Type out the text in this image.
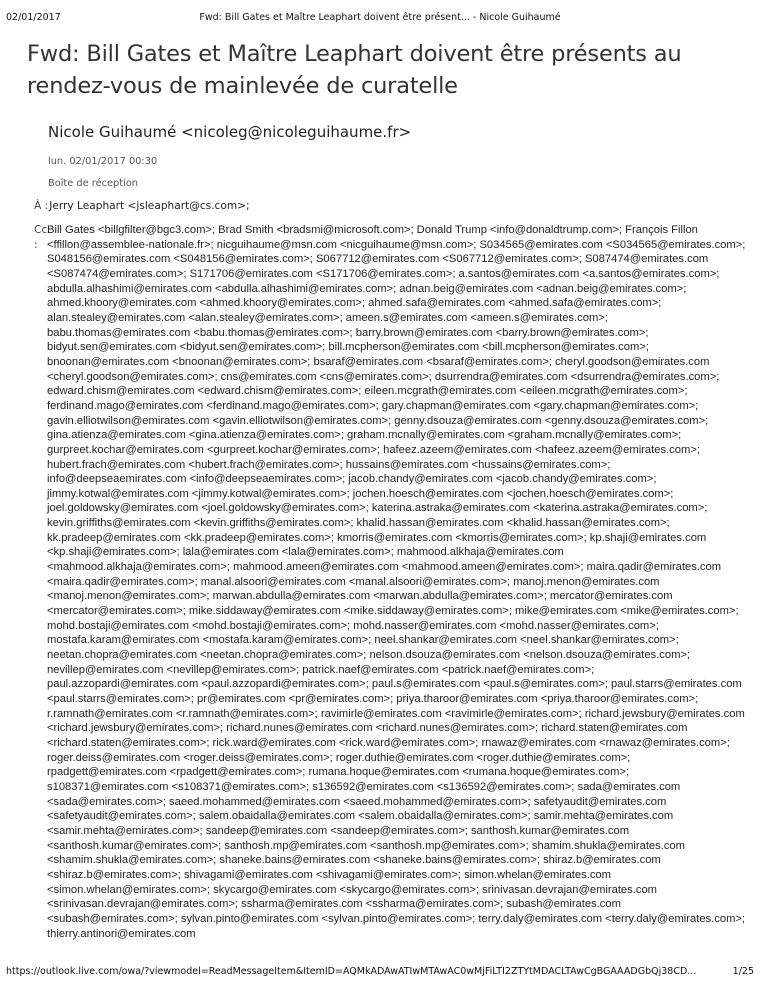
02/01/2017	Fwd: Bill Gates et Maître Leaphart doivent être présent... - Nicole Guihaumé
Fwd: Bill Gates et Maître Leaphart doivent être présents au rendez-vous de mainlevée de curatelle
Nicole Guihaumé <nicoleg@nicoleguihaume.fr>
lun. 02/01/2017 00:30
Boîte de réception
À :Jerry Leaphart <jsleaphart@cs.com>;
Cc :
Bill Gates <billgfilter@bgc3.com>; Brad Smith <bradsmi@microsoft.com>; Donald Trump <info@donaldtrump.com>; François Fillon <ffillon@assemblee-nationale.fr>; nicguihaume@msn.com <nicguihaume@msn.com>; S034565@emirates.com <S034565@emirates.com>; S048156@emirates.com <S048156@emirates.com>; S067712@emirates.com <S067712@emirates.com>; S087474@emirates.com <S087474@emirates.com>; S171706@emirates.com <S171706@emirates.com>; a.santos@emirates.com <a.santos@emirates.com>; abdulla.alhashimi@emirates.com <abdulla.alhashimi@emirates.com>; adnan.beig@emirates.com <adnan.beig@emirates.com>; ahmed.khoory@emirates.com <ahmed.khoory@emirates.com>; ahmed.safa@emirates.com <ahmed.safa@emirates.com>; alan.stealey@emirates.com <alan.stealey@emirates.com>; ameen.s@emirates.com <ameen.s@emirates.com>; babu.thomas@emirates.com <babu.thomas@emirates.com>; barry.brown@emirates.com <barry.brown@emirates.com>; bidyut.sen@emirates.com <bidyut.sen@emirates.com>; bill.mcpherson@emirates.com <bill.mcpherson@emirates.com>; bnoonan@emirates.com <bnoonan@emirates.com>; bsaraf@emirates.com <bsaraf@emirates.com>; cheryl.goodson@emirates.com <cheryl.goodson@emirates.com>; cns@emirates.com <cns@emirates.com>; dsurrendra@emirates.com <dsurrendra@emirates.com>; edward.chism@emirates.com <edward.chism@emirates.com>; eileen.mcgrath@emirates.com <eileen.mcgrath@emirates.com>; ferdinand.mago@emirates.com <ferdinand.mago@emirates.com>; gary.chapman@emirates.com <gary.chapman@emirates.com>; gavin.elliotwilson@emirates.com <gavin.elliotwilson@emirates.com>; genny.dsouza@emirates.com <genny.dsouza@emirates.com>; gina.atienza@emirates.com <gina.atienza@emirates.com>; graham.mcnally@emirates.com <graham.mcnally@emirates.com>; gurpreet.kochar@emirates.com <gurpreet.kochar@emirates.com>; hafeez.azeem@emirates.com <hafeez.azeem@emirates.com>; hubert.frach@emirates.com <hubert.frach@emirates.com>; hussains@emirates.com <hussains@emirates.com>; info@deepseaemirates.com <info@deepseaemirates.com>; jacob.chandy@emirates.com <jacob.chandy@emirates.com>; jimmy.kotwal@emirates.com <jimmy.kotwal@emirates.com>; jochen.hoesch@emirates.com <jochen.hoesch@emirates.com>; joel.goldowsky@emirates.com <joel.goldowsky@emirates.com>; katerina.astraka@emirates.com <katerina.astraka@emirates.com>; kevin.griffiths@emirates.com <kevin.griffiths@emirates.com>; khalid.hassan@emirates.com <khalid.hassan@emirates.com>; kk.pradeep@emirates.com <kk.pradeep@emirates.com>; kmorris@emirates.com <kmorris@emirates.com>; kp.shaji@emirates.com <kp.shaji@emirates.com>; lala@emirates.com <lala@emirates.com>; mahmood.alkhaja@emirates.com <mahmood.alkhaja@emirates.com>; mahmood.ameen@emirates.com <mahmood.ameen@emirates.com>; maira.qadir@emirates.com <maira.qadir@emirates.com>; manal.alsoori@emirates.com <manal.alsoori@emirates.com>; manoj.menon@emirates.com <manoj.menon@emirates.com>; marwan.abdulla@emirates.com <marwan.abdulla@emirates.com>; mercator@emirates.com <mercator@emirates.com>; mike.siddaway@emirates.com <mike.siddaway@emirates.com>; mike@emirates.com <mike@emirates.com>; mohd.bostaji@emirates.com <mohd.bostaji@emirates.com>; mohd.nasser@emirates.com <mohd.nasser@emirates.com>; mostafa.karam@emirates.com <mostafa.karam@emirates.com>; neel.shankar@emirates.com <neel.shankar@emirates.com>; neetan.chopra@emirates.com <neetan.chopra@emirates.com>; nelson.dsouza@emirates.com <nelson.dsouza@emirates.com>; nevillep@emirates.com <nevillep@emirates.com>; patrick.naef@emirates.com <patrick.naef@emirates.com>; paul.azzopardi@emirates.com <paul.azzopardi@emirates.com>; paul.s@emirates.com <paul.s@emirates.com>; paul.starrs@emirates.com <paul.starrs@emirates.com>; pr@emirates.com <pr@emirates.com>; priya.tharoor@emirates.com <priya.tharoor@emirates.com>; r.ramnath@emirates.com <r.ramnath@emirates.com>; ravimirle@emirates.com <ravimirle@emirates.com>; richard.jewsbury@emirates.com <richard.jewsbury@emirates.com>; richard.nunes@emirates.com <richard.nunes@emirates.com>; richard.staten@emirates.com <richard.staten@emirates.com>; rick.ward@emirates.com <rick.ward@emirates.com>; rnawaz@emirates.com <rnawaz@emirates.com>; roger.deiss@emirates.com <roger.deiss@emirates.com>; roger.duthie@emirates.com <roger.duthie@emirates.com>; rpadgett@emirates.com <rpadgett@emirates.com>; rumana.hoque@emirates.com <rumana.hoque@emirates.com>; s108371@emirates.com <s108371@emirates.com>; s136592@emirates.com <s136592@emirates.com>; sada@emirates.com <sada@emirates.com>; saeed.mohammed@emirates.com <saeed.mohammed@emirates.com>; safetyaudit@emirates.com <safetyaudit@emirates.com>; salem.obaidalla@emirates.com <salem.obaidalla@emirates.com>; samir.mehta@emirates.com <samir.mehta@emirates.com>; sandeep@emirates.com <sandeep@emirates.com>; santhosh.kumar@emirates.com <santhosh.kumar@emirates.com>; santhosh.mp@emirates.com <santhosh.mp@emirates.com>; shamim.shukla@emirates.com <shamim.shukla@emirates.com>; shaneke.bains@emirates.com <shaneke.bains@emirates.com>; shiraz.b@emirates.com <shiraz.b@emirates.com>; shivagami@emirates.com <shivagami@emirates.com>; simon.whelan@emirates.com <simon.whelan@emirates.com>; skycargo@emirates.com <skycargo@emirates.com>; srinivasan.devrajan@emirates.com <srinivasan.devrajan@emirates.com>; ssharma@emirates.com <ssharma@emirates.com>; subash@emirates.com <subash@emirates.com>; sylvan.pinto@emirates.com <sylvan.pinto@emirates.com>; terry.daly@emirates.com <terry.daly@emirates.com>; thierry.antinori@emirates.com
https://outlook.live.com/owa/?viewmodel=ReadMessageItem&ItemID=AQMkADAwATIwMTAwAC0wMjFiLTI2ZTYtMDACLTAwCgBGAAADGbQj38CD...	1/25
